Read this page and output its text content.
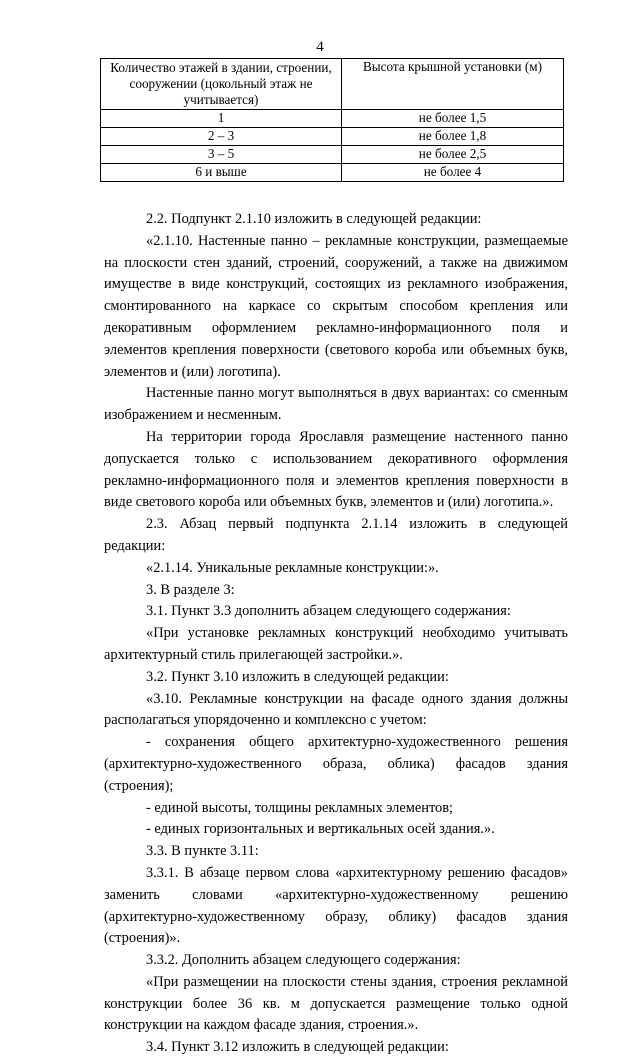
4
Количество этажей в здании, строении, сооружении (цокольный этаж не учитывается)	Высота крышной установки (м)
1	не более 1,5
2 – 3	не более 1,8
3 – 5	не более 2,5
6 и выше	не более 4

2.2. Подпункт 2.1.10 изложить в следующей редакции:

«2.1.10. Настенные панно – рекламные конструкции, размещаемые на плоскости стен зданий, строений, сооружений, а также на движимом имуществе в виде конструкций, состоящих из рекламного изображения, смонтированного на каркасе со скрытым способом крепления или декоративным оформлением рекламно-информационного поля и элементов крепления поверхности (светового короба или объемных букв, элементов и (или) логотипа).

Настенные панно могут выполняться в двух вариантах: со сменным изображением и несменным.

На территории города Ярославля размещение настенного панно допускается только с использованием декоративного оформления рекламно-информационного поля и элементов крепления поверхности в виде светового короба или объемных букв, элементов и (или) логотипа.».

2.3. Абзац первый подпункта 2.1.14 изложить в следующей редакции:

«2.1.14. Уникальные рекламные конструкции:».

3. В разделе 3:

3.1. Пункт 3.3 дополнить абзацем следующего содержания:

«При установке рекламных конструкций необходимо учитывать архитектурный стиль прилегающей застройки.».

3.2. Пункт 3.10 изложить в следующей редакции:

«3.10. Рекламные конструкции на фасаде одного здания должны располагаться упорядоченно и комплексно с учетом:

- сохранения общего архитектурно-художественного решения (архитектурно-художественного образа, облика) фасадов здания (строения);

- единой высоты, толщины рекламных элементов;

- единых горизонтальных и вертикальных осей здания.».

3.3. В пункте 3.11:

3.3.1. В абзаце первом слова «архитектурному решению фасадов» заменить словами «архитектурно-художественному решению (архитектурно-художественному образу, облику) фасадов здания (строения)».

3.3.2. Дополнить абзацем следующего содержания:

«При размещении на плоскости стены здания, строения рекламной конструкции более 36 кв. м допускается размещение только одной конструкции на каждом фасаде здания, строения.».

3.4. Пункт 3.12 изложить в следующей редакции:
